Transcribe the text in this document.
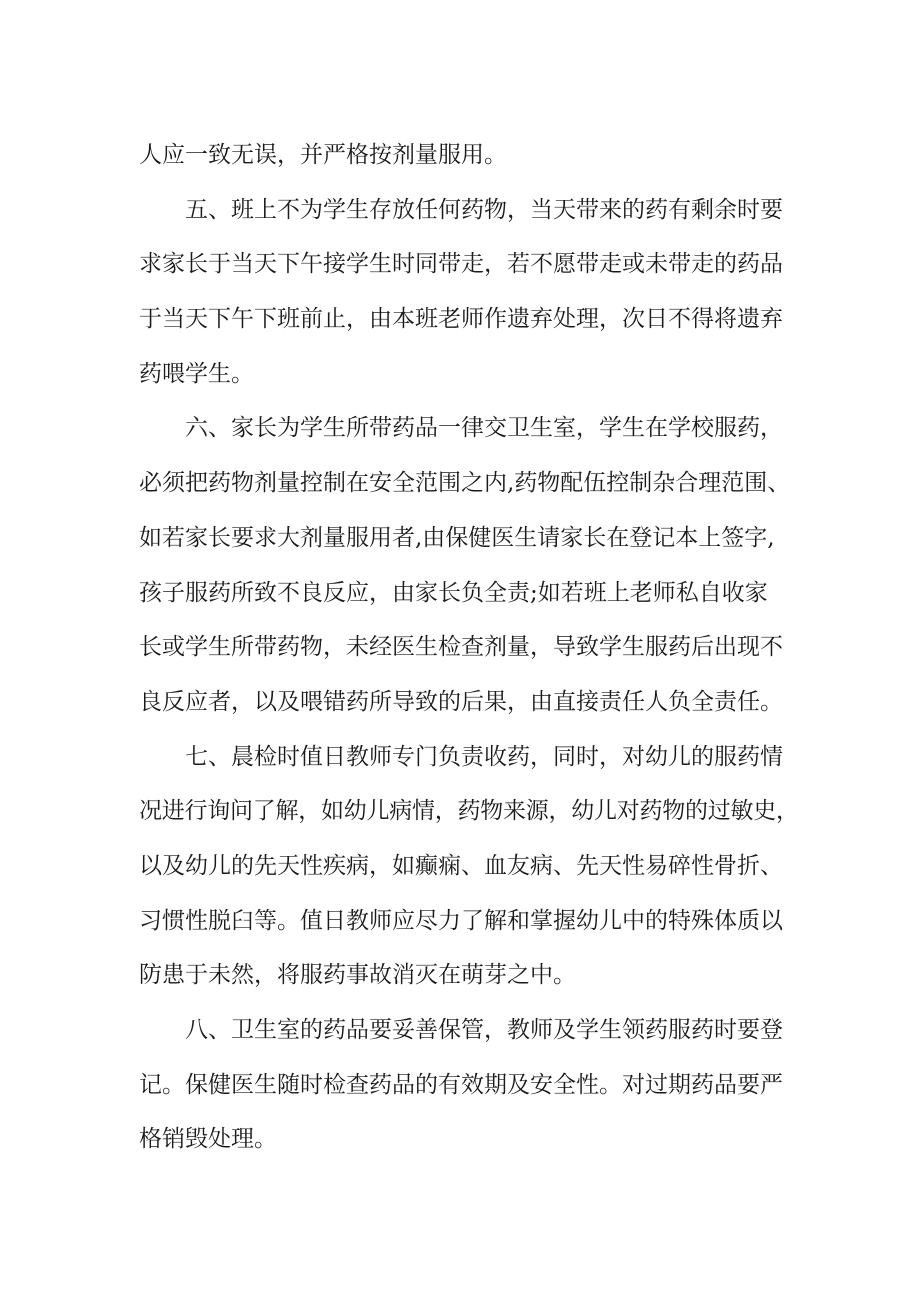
人应一致无误，并严格按剂量服用。

五、班上不为学生存放任何药物，当天带来的药有剩余时要
求家长于当天下午接学生时同带走，若不愿带走或未带走的药品
于当天下午下班前止，由本班老师作遗弃处理，次日不得将遗弃
药喂学生。

六、家长为学生所带药品一律交卫生室，学生在学校服药，
必须把药物剂量控制在安全范围之内,药物配伍控制杂合理范围、
如若家长要求大剂量服用者,由保健医生请家长在登记本上签字,
孩子服药所致不良反应，由家长负全责;如若班上老师私自收家
长或学生所带药物，未经医生检查剂量，导致学生服药后出现不
良反应者，以及喂错药所导致的后果，由直接责任人负全责任。

七、晨检时值日教师专门负责收药，同时，对幼儿的服药情
况进行询问了解，如幼儿病情，药物来源，幼儿对药物的过敏史，
以及幼儿的先天性疾病，如癫痫、血友病、先天性易碎性骨折、
习惯性脱臼等。值日教师应尽力了解和掌握幼儿中的特殊体质以
防患于未然，将服药事故消灭在萌芽之中。

八、卫生室的药品要妥善保管，教师及学生领药服药时要登
记。保健医生随时检查药品的有效期及安全性。对过期药品要严
格销毁处理。
